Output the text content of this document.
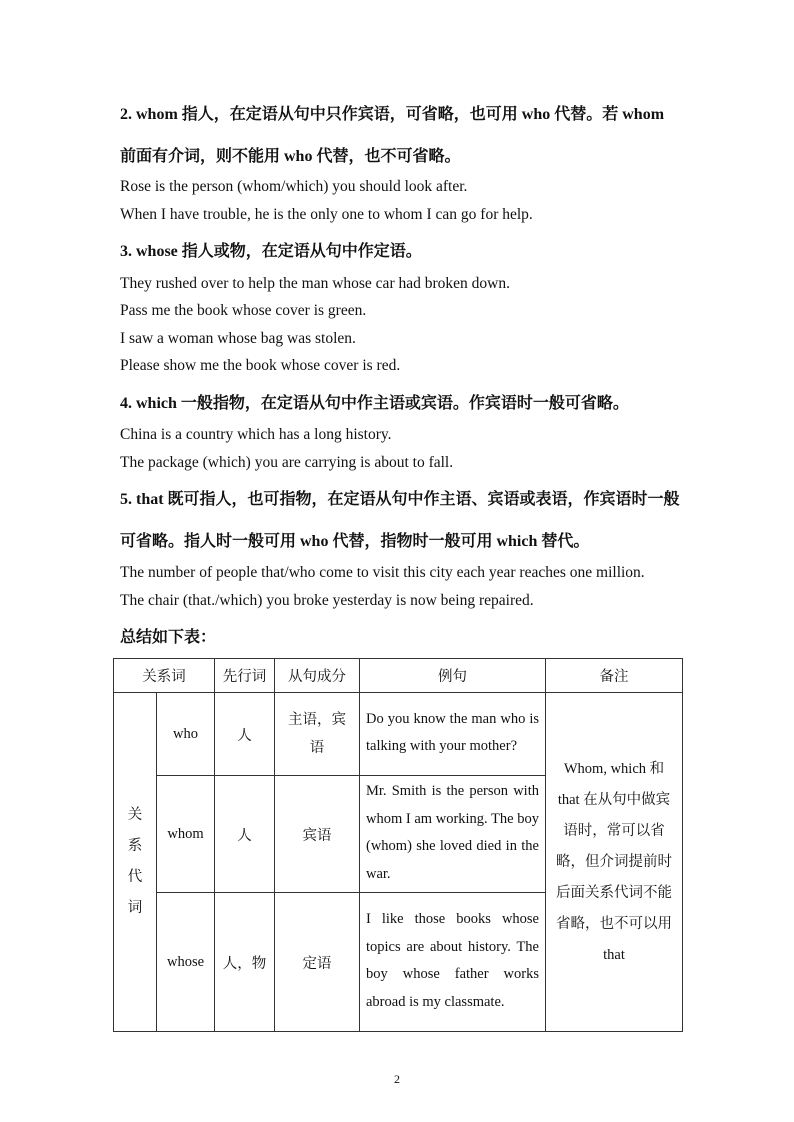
2. whom 指人，在定语从句中只作宾语，可省略，也可用 who 代替。若 whom
前面有介词，则不能用 who 代替，也不可省略。
Rose is the person (whom/which) you should look after.
When I have trouble, he is the only one to whom I can go for help.
3. whose 指人或物，在定语从句中作定语。
They rushed over to help the man whose car had broken down.
Pass me the book whose cover is green.
I saw a woman whose bag was stolen.
Please show me the book whose cover is red.
4. which 一般指物，在定语从句中作主语或宾语。作宾语时一般可省略。
China is a country which has a long history.
The package (which) you are carrying is about to fall.
5. that 既可指人，也可指物，在定语从句中作主语、宾语或表语，作宾语时一般
可省略。指人时一般可用 who 代替，指物时一般可用 which 替代。
The number of people that/who come to visit this city each year reaches one million.
The chair (that./which) you broke yesterday is now being repaired.
总结如下表：
关系词		先行词	从句成分	例句	备注

关系代词	who	人	主语，宾语	Do you know the man who is talking with your mother?	Whom, which 和 that 在从句中做宾语时，常可以省略，但介词提前时后面关系代词不能省略，也不可以用 that
	whom	人	宾语	Mr. Smith is the person with whom I am working. The boy (whom) she loved died in the war.	
	whose	人，物	定语	I like those books whose topics are about history. The boy whose father works abroad is my classmate.	
2
